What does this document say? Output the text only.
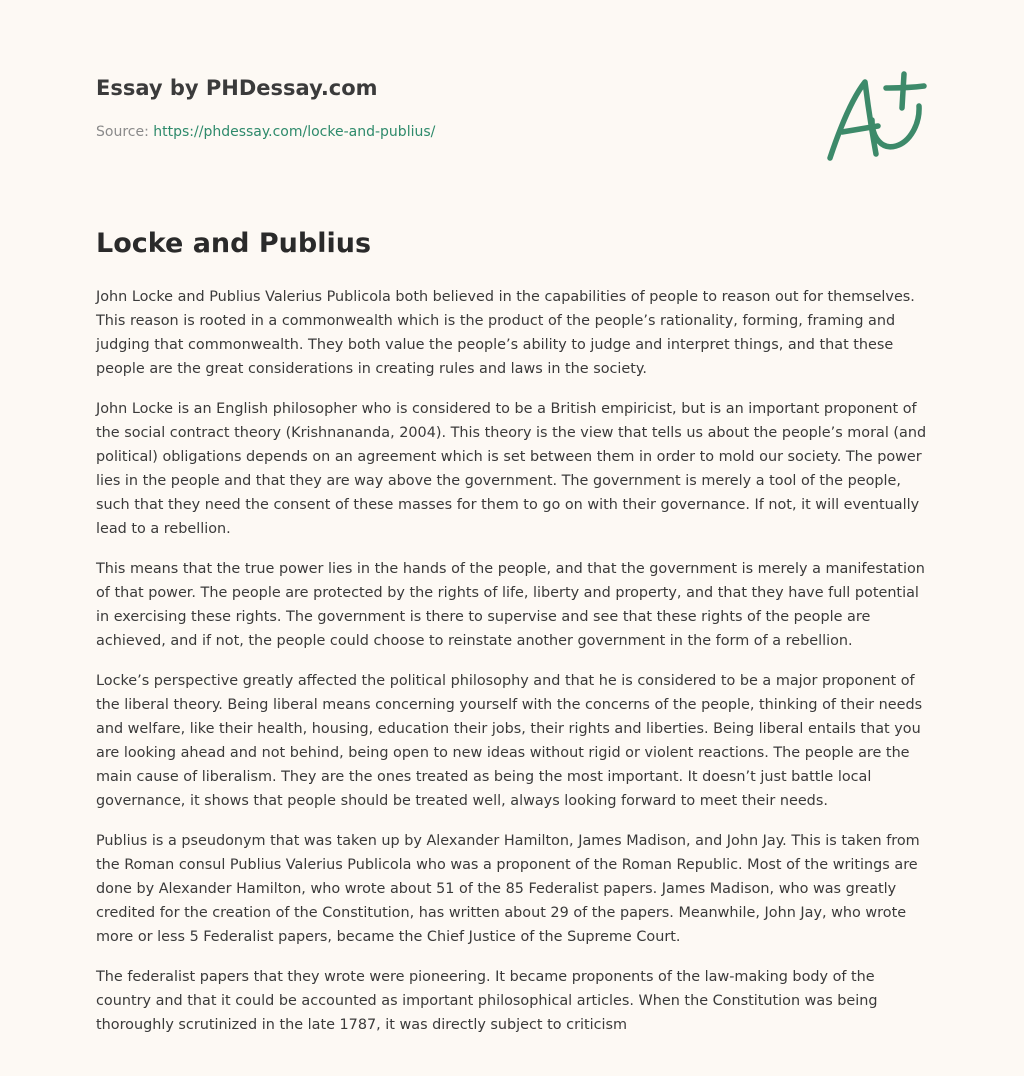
Essay by PHDessay.com
Source: https://phdessay.com/locke-and-publius/
Locke and Publius

John Locke and Publius Valerius Publicola both believed in the capabilities of people to reason out for themselves. This reason is rooted in a commonwealth which is the product of the people’s rationality, forming, framing and judging that commonwealth. They both value the people’s ability to judge and interpret things, and that these people are the great considerations in creating rules and laws in the society.

John Locke is an English philosopher who is considered to be a British empiricist, but is an important proponent of the social contract theory (Krishnananda, 2004). This theory is the view that tells us about the people’s moral (and political) obligations depends on an agreement which is set between them in order to mold our society. The power lies in the people and that they are way above the government. The government is merely a tool of the people, such that they need the consent of these masses for them to go on with their governance. If not, it will eventually lead to a rebellion.

This means that the true power lies in the hands of the people, and that the government is merely a manifestation of that power. The people are protected by the rights of life, liberty and property, and that they have full potential in exercising these rights. The government is there to supervise and see that these rights of the people are achieved, and if not, the people could choose to reinstate another government in the form of a rebellion.

Locke’s perspective greatly affected the political philosophy and that he is considered to be a major proponent of the liberal theory. Being liberal means concerning yourself with the concerns of the people, thinking of their needs and welfare, like their health, housing, education their jobs, their rights and liberties. Being liberal entails that you are looking ahead and not behind, being open to new ideas without rigid or violent reactions. The people are the main cause of liberalism. They are the ones treated as being the most important. It doesn’t just battle local governance, it shows that people should be treated well, always looking forward to meet their needs.

Publius is a pseudonym that was taken up by Alexander Hamilton, James Madison, and John Jay. This is taken from the Roman consul Publius Valerius Publicola who was a proponent of the Roman Republic. Most of the writings are done by Alexander Hamilton, who wrote about 51 of the 85 Federalist papers. James Madison, who was greatly credited for the creation of the Constitution, has written about 29 of the papers. Meanwhile, John Jay, who wrote more or less 5 Federalist papers, became the Chief Justice of the Supreme Court.

The federalist papers that they wrote were pioneering. It became proponents of the law-making body of the country and that it could be accounted as important philosophical articles. When the Constitution was being thoroughly scrutinized in the late 1787, it was directly subject to criticism
